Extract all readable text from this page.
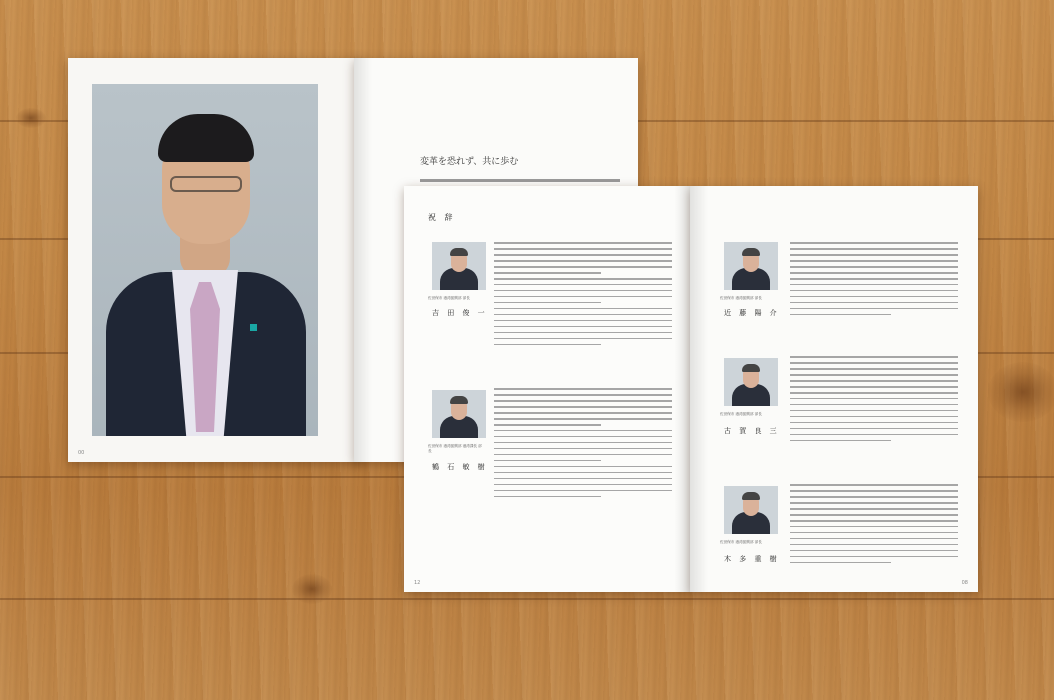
00
変革を恐れず、共に歩む
祝 辞
佐世保市 港湾振興部 部長
吉 田 俊 一
佐世保市 港湾振興部 港湾課長 部長
鶴 石 敏 樹
12
佐世保市 港湾振興部 部長
近 藤 陽 介
佐世保市 港湾振興部 部長
古 賀 良 三
佐世保市 港湾振興部 部長
木 多 重 樹
08
